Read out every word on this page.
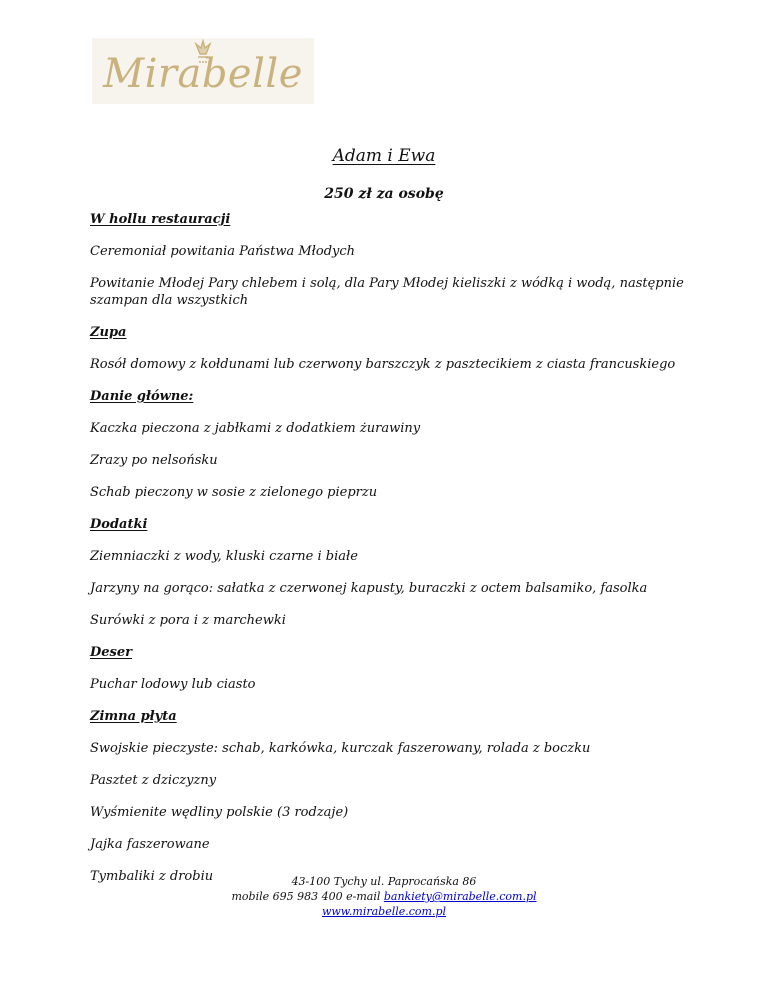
Mirabelle
Adam i Ewa
250 zł za osobę
W hollu restauracji
Ceremoniał powitania Państwa Młodych
Powitanie Młodej Pary chlebem i solą, dla Pary Młodej kieliszki z wódką i wodą, następnie szampan dla wszystkich
Zupa
Rosół domowy z kołdunami lub czerwony barszczyk z pasztecikiem z ciasta francuskiego
Danie główne:
Kaczka pieczona z jabłkami z dodatkiem żurawiny
Zrazy po nelsońsku
Schab pieczony w sosie z zielonego pieprzu
Dodatki
Ziemniaczki z wody, kluski czarne i białe
Jarzyny na gorąco: sałatka z czerwonej kapusty, buraczki z octem balsamiko, fasolka
Surówki z pora i z marchewki
Deser
Puchar lodowy lub ciasto
Zimna płyta
Swojskie pieczyste: schab, karkówka, kurczak faszerowany, rolada z boczku
Pasztet z dziczyzny
Wyśmienite wędliny polskie (3 rodzaje)
Jajka faszerowane
Tymbaliki z drobiu	43-100 Tychy ul. Paprocańska 86
mobile 695 983 400 e-mail bankiety@mirabelle.com.pl
www.mirabelle.com.pl
